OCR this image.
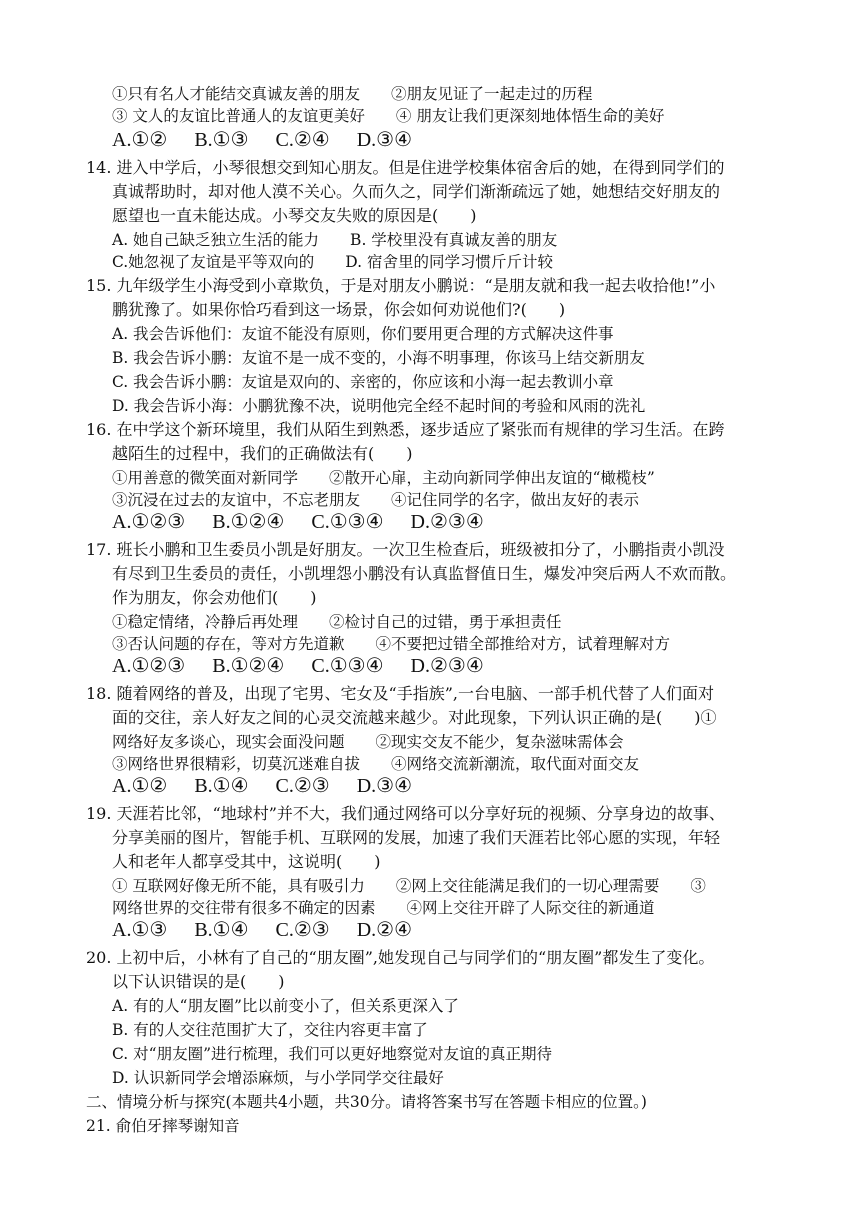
①只有名人才能结交真诚友善的朋友　　②朋友见证了一起走过的历程
③ 文人的友谊比普通人的友谊更美好　　④ 朋友让我们更深刻地体悟生命的美好
A.①② B.①③ C.②④ D.③④
14. 进入中学后，小琴很想交到知心朋友。但是住进学校集体宿舍后的她，在得到同学们的
真诚帮助时，却对他人漠不关心。久而久之，同学们渐渐疏远了她，她想结交好朋友的
愿望也一直未能达成。小琴交友失败的原因是(　　)
A. 她自己缺乏独立生活的能力　　B. 学校里没有真诚友善的朋友
C.她忽视了友谊是平等双向的　　D. 宿舍里的同学习惯斤斤计较
15. 九年级学生小海受到小章欺负，于是对朋友小鹏说：“是朋友就和我一起去收拾他!”小
鹏犹豫了。如果你恰巧看到这一场景，你会如何劝说他们?(　　)
A. 我会告诉他们：友谊不能没有原则，你们要用更合理的方式解决这件事
B. 我会告诉小鹏：友谊不是一成不变的，小海不明事理，你该马上结交新朋友
C. 我会告诉小鹏：友谊是双向的、亲密的，你应该和小海一起去教训小章
D. 我会告诉小海：小鹏犹豫不决，说明他完全经不起时间的考验和风雨的洗礼
16. 在中学这个新环境里，我们从陌生到熟悉，逐步适应了紧张而有规律的学习生活。在跨
越陌生的过程中，我们的正确做法有(　　)
①用善意的微笑面对新同学　　②散开心扉，主动向新同学伸出友谊的“橄榄枝”
③沉浸在过去的友谊中，不忘老朋友　　④记住同学的名字，做出友好的表示
A.①②③ B.①②④ C.①③④ D.②③④
17. 班长小鹏和卫生委员小凯是好朋友。一次卫生检查后，班级被扣分了，小鹏指责小凯没
有尽到卫生委员的责任，小凯埋怨小鹏没有认真监督值日生，爆发冲突后两人不欢而散。
作为朋友，你会劝他们(　　)
①稳定情绪，冷静后再处理　　②检讨自己的过错，勇于承担责任
③否认问题的存在，等对方先道歉　　④不要把过错全部推给对方，试着理解对方
A.①②③ B.①②④ C.①③④ D.②③④
18. 随着网络的普及，出现了宅男、宅女及“手指族”,一台电脑、一部手机代替了人们面对
面的交往，亲人好友之间的心灵交流越来越少。对此现象，下列认识正确的是(　　)①
网络好友多谈心，现实会面没问题　　②现实交友不能少，复杂滋味需体会
③网络世界很精彩，切莫沉迷难自拔　　④网络交流新潮流，取代面对面交友
A.①② B.①④ C.②③ D.③④
19. 天涯若比邻，“地球村”并不大，我们通过网络可以分享好玩的视频、分享身边的故事、
分享美丽的图片，智能手机、互联网的发展，加速了我们天涯若比邻心愿的实现，年轻
人和老年人都享受其中，这说明(　　)
① 互联网好像无所不能，具有吸引力　　②网上交往能满足我们的一切心理需要　　③
网络世界的交往带有很多不确定的因素　　④网上交往开辟了人际交往的新通道
A.①③ B.①④ C.②③ D.②④
20. 上初中后，小林有了自己的“朋友圈”,她发现自己与同学们的“朋友圈”都发生了变化。
以下认识错误的是(　　)
A. 有的人“朋友圈”比以前变小了，但关系更深入了
B. 有的人交往范围扩大了，交往内容更丰富了
C. 对“朋友圈”进行梳理，我们可以更好地察觉对友谊的真正期待
D. 认识新同学会增添麻烦，与小学同学交往最好
二、情境分析与探究(本题共4小题，共30分。请将答案书写在答题卡相应的位置。)
21. 俞伯牙摔琴谢知音
